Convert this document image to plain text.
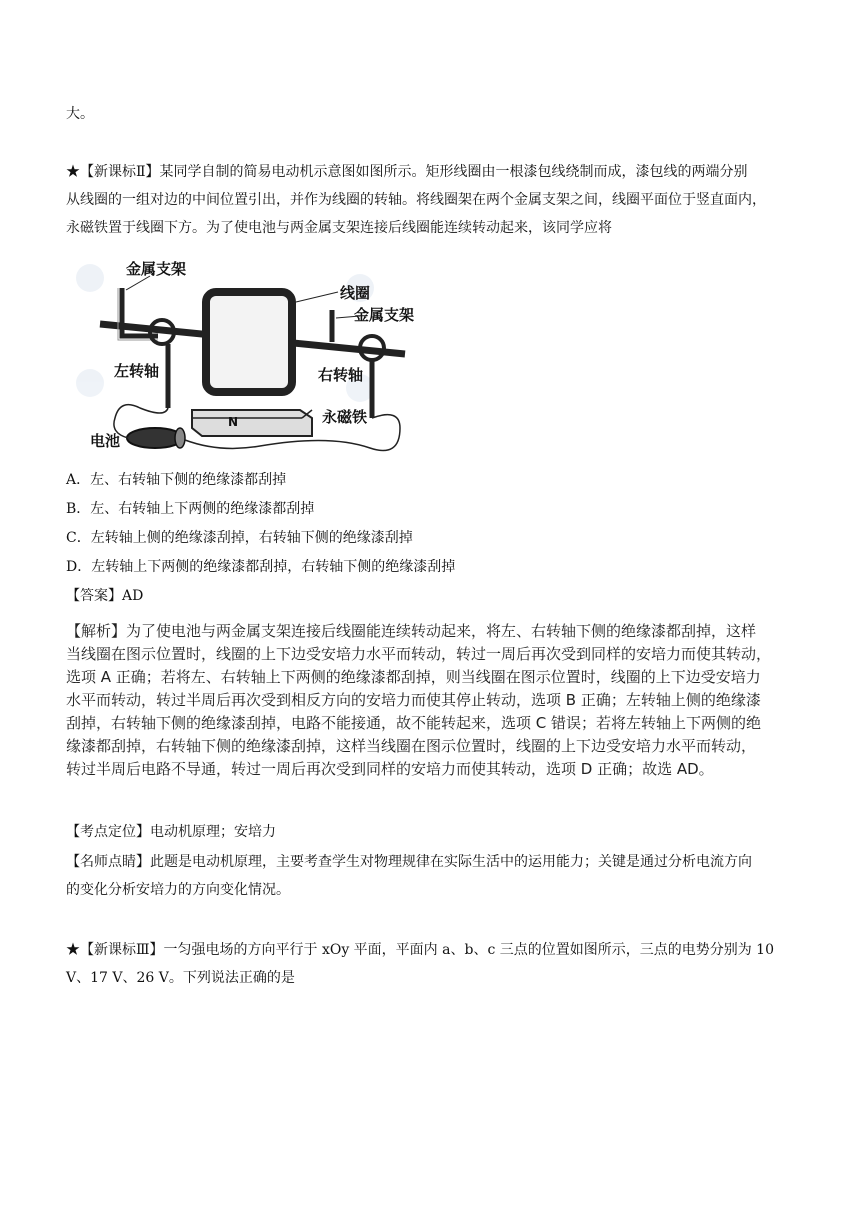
大。
★【新课标Ⅱ】某同学自制的简易电动机示意图如图所示。矩形线圈由一根漆包线绕制而成，漆包线的两端分别
从线圈的一组对边的中间位置引出，并作为线圈的转轴。将线圈架在两个金属支架之间，线圈平面位于竖直面内，
永磁铁置于线圈下方。为了使电池与两金属支架连接后线圈能连续转动起来，该同学应将
金属支架
线圈
金属支架
左转轴	右转轴
N	永磁铁
电池
A．左、右转轴下侧的绝缘漆都刮掉
B．左、右转轴上下两侧的绝缘漆都刮掉
C．左转轴上侧的绝缘漆刮掉，右转轴下侧的绝缘漆刮掉
D．左转轴上下两侧的绝缘漆都刮掉，右转轴下侧的绝缘漆刮掉
【答案】AD

【解析】为了使电池与两金属支架连接后线圈能连续转动起来，将左、右转轴下侧的绝缘漆都刮掉，这样

当线圈在图示位置时，线圈的上下边受安培力水平而转动，转过一周后再次受到同样的安培力而使其转动，

选项 A 正确；若将左、右转轴上下两侧的绝缘漆都刮掉，则当线圈在图示位置时，线圈的上下边受安培力

水平而转动，转过半周后再次受到相反方向的安培力而使其停止转动，选项 B 正确；左转轴上侧的绝缘漆

刮掉，右转轴下侧的绝缘漆刮掉，电路不能接通，故不能转起来，选项 C 错误；若将左转轴上下两侧的绝

缘漆都刮掉，右转轴下侧的绝缘漆刮掉，这样当线圈在图示位置时，线圈的上下边受安培力水平而转动，

转过半周后电路不导通，转过一周后再次受到同样的安培力而使其转动，选项 D 正确；故选 AD。

【考点定位】电动机原理；安培力
【名师点睛】此题是电动机原理，主要考查学生对物理规律在实际生活中的运用能力；关键是通过分析电流方向
的变化分析安培力的方向变化情况。
★【新课标Ⅲ】一匀强电场的方向平行于 xOy 平面，平面内 a、b、c 三点的位置如图所示，三点的电势分别为 10
V、17 V、26 V。下列说法正确的是
